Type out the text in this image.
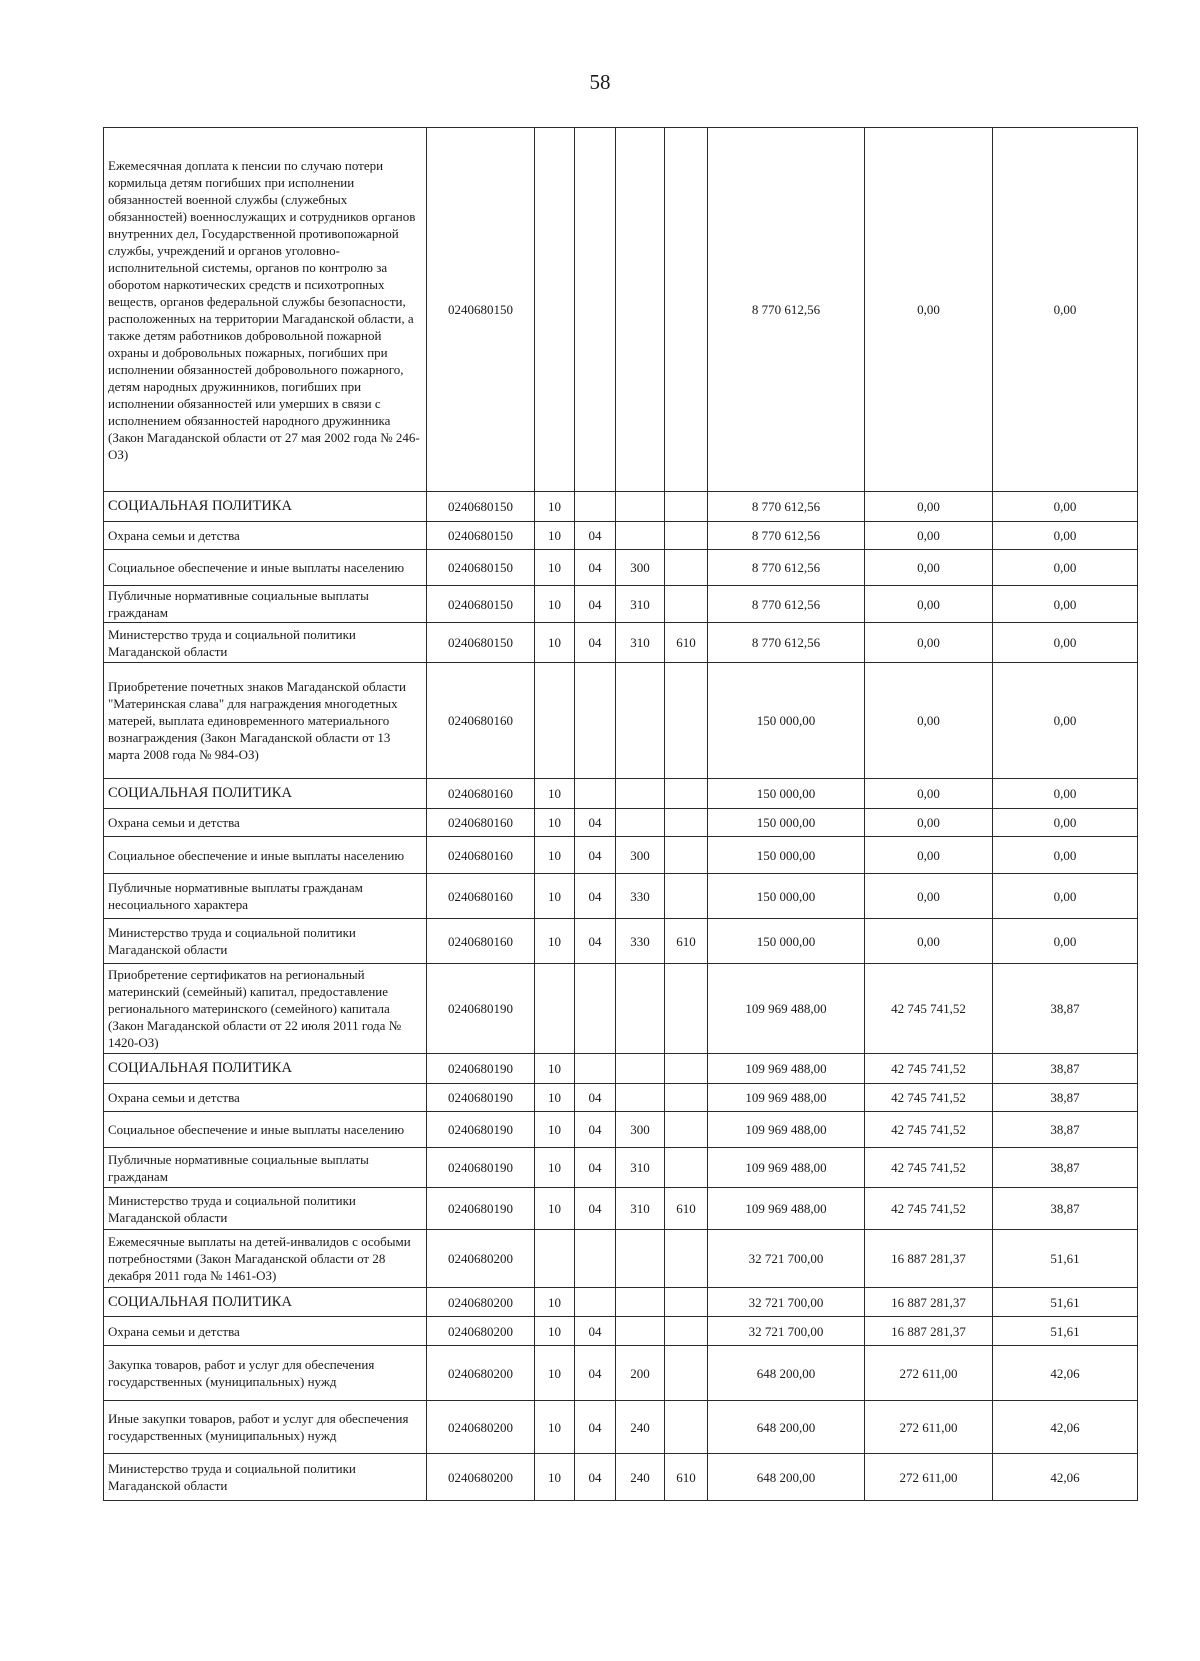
58
Ежемесячная доплата к пенсии по случаю потери кормильца детям погибших при исполнении обязанностей военной службы (служебных обязанностей) военнослужащих и сотрудников органов внутренних дел, Государственной противопожарной службы, учреждений и органов уголовно-исполнительной системы, органов по контролю за оборотом наркотических средств и психотропных веществ, органов федеральной службы безопасности, расположенных на территории Магаданской области, а также детям работников добровольной пожарной охраны и добровольных пожарных, погибших при исполнении обязанностей добровольного пожарного, детям народных дружинников, погибших при исполнении обязанностей или умерших в связи с исполнением обязанностей народного дружинника (Закон Магаданской области от 27 мая 2002 года № 246-ОЗ)	0240680150					8 770 612,56	0,00	0,00
СОЦИАЛЬНАЯ ПОЛИТИКА	0240680150	10				8 770 612,56	0,00	0,00
Охрана семьи и детства	0240680150	10	04			8 770 612,56	0,00	0,00
Социальное обеспечение и иные выплаты населению	0240680150	10	04	300		8 770 612,56	0,00	0,00
Публичные нормативные социальные выплаты гражданам	0240680150	10	04	310		8 770 612,56	0,00	0,00
Министерство труда и социальной политики Магаданской области	0240680150	10	04	310	610	8 770 612,56	0,00	0,00
Приобретение почетных знаков Магаданской области "Материнская слава" для награждения многодетных матерей, выплата единовременного материального вознаграждения (Закон Магаданской области от 13 марта 2008 года № 984-ОЗ)	0240680160					150 000,00	0,00	0,00
СОЦИАЛЬНАЯ ПОЛИТИКА	0240680160	10				150 000,00	0,00	0,00
Охрана семьи и детства	0240680160	10	04			150 000,00	0,00	0,00
Социальное обеспечение и иные выплаты населению	0240680160	10	04	300		150 000,00	0,00	0,00
Публичные нормативные выплаты гражданам несоциального характера	0240680160	10	04	330		150 000,00	0,00	0,00
Министерство труда и социальной политики Магаданской области	0240680160	10	04	330	610	150 000,00	0,00	0,00
Приобретение сертификатов на региональный материнский (семейный) капитал, предоставление регионального материнского (семейного) капитала (Закон Магаданской области от 22 июля 2011 года № 1420-ОЗ)	0240680190					109 969 488,00	42 745 741,52	38,87
СОЦИАЛЬНАЯ ПОЛИТИКА	0240680190	10				109 969 488,00	42 745 741,52	38,87
Охрана семьи и детства	0240680190	10	04			109 969 488,00	42 745 741,52	38,87
Социальное обеспечение и иные выплаты населению	0240680190	10	04	300		109 969 488,00	42 745 741,52	38,87
Публичные нормативные социальные выплаты гражданам	0240680190	10	04	310		109 969 488,00	42 745 741,52	38,87
Министерство труда и социальной политики Магаданской области	0240680190	10	04	310	610	109 969 488,00	42 745 741,52	38,87
Ежемесячные выплаты на детей-инвалидов с особыми потребностями (Закон Магаданской области от 28 декабря 2011 года № 1461-ОЗ)	0240680200					32 721 700,00	16 887 281,37	51,61
СОЦИАЛЬНАЯ ПОЛИТИКА	0240680200	10				32 721 700,00	16 887 281,37	51,61
Охрана семьи и детства	0240680200	10	04			32 721 700,00	16 887 281,37	51,61
Закупка товаров, работ и услуг для обеспечения государственных (муниципальных) нужд	0240680200	10	04	200		648 200,00	272 611,00	42,06
Иные закупки товаров, работ и услуг для обеспечения государственных (муниципальных) нужд	0240680200	10	04	240		648 200,00	272 611,00	42,06
Министерство труда и социальной политики Магаданской области	0240680200	10	04	240	610	648 200,00	272 611,00	42,06
